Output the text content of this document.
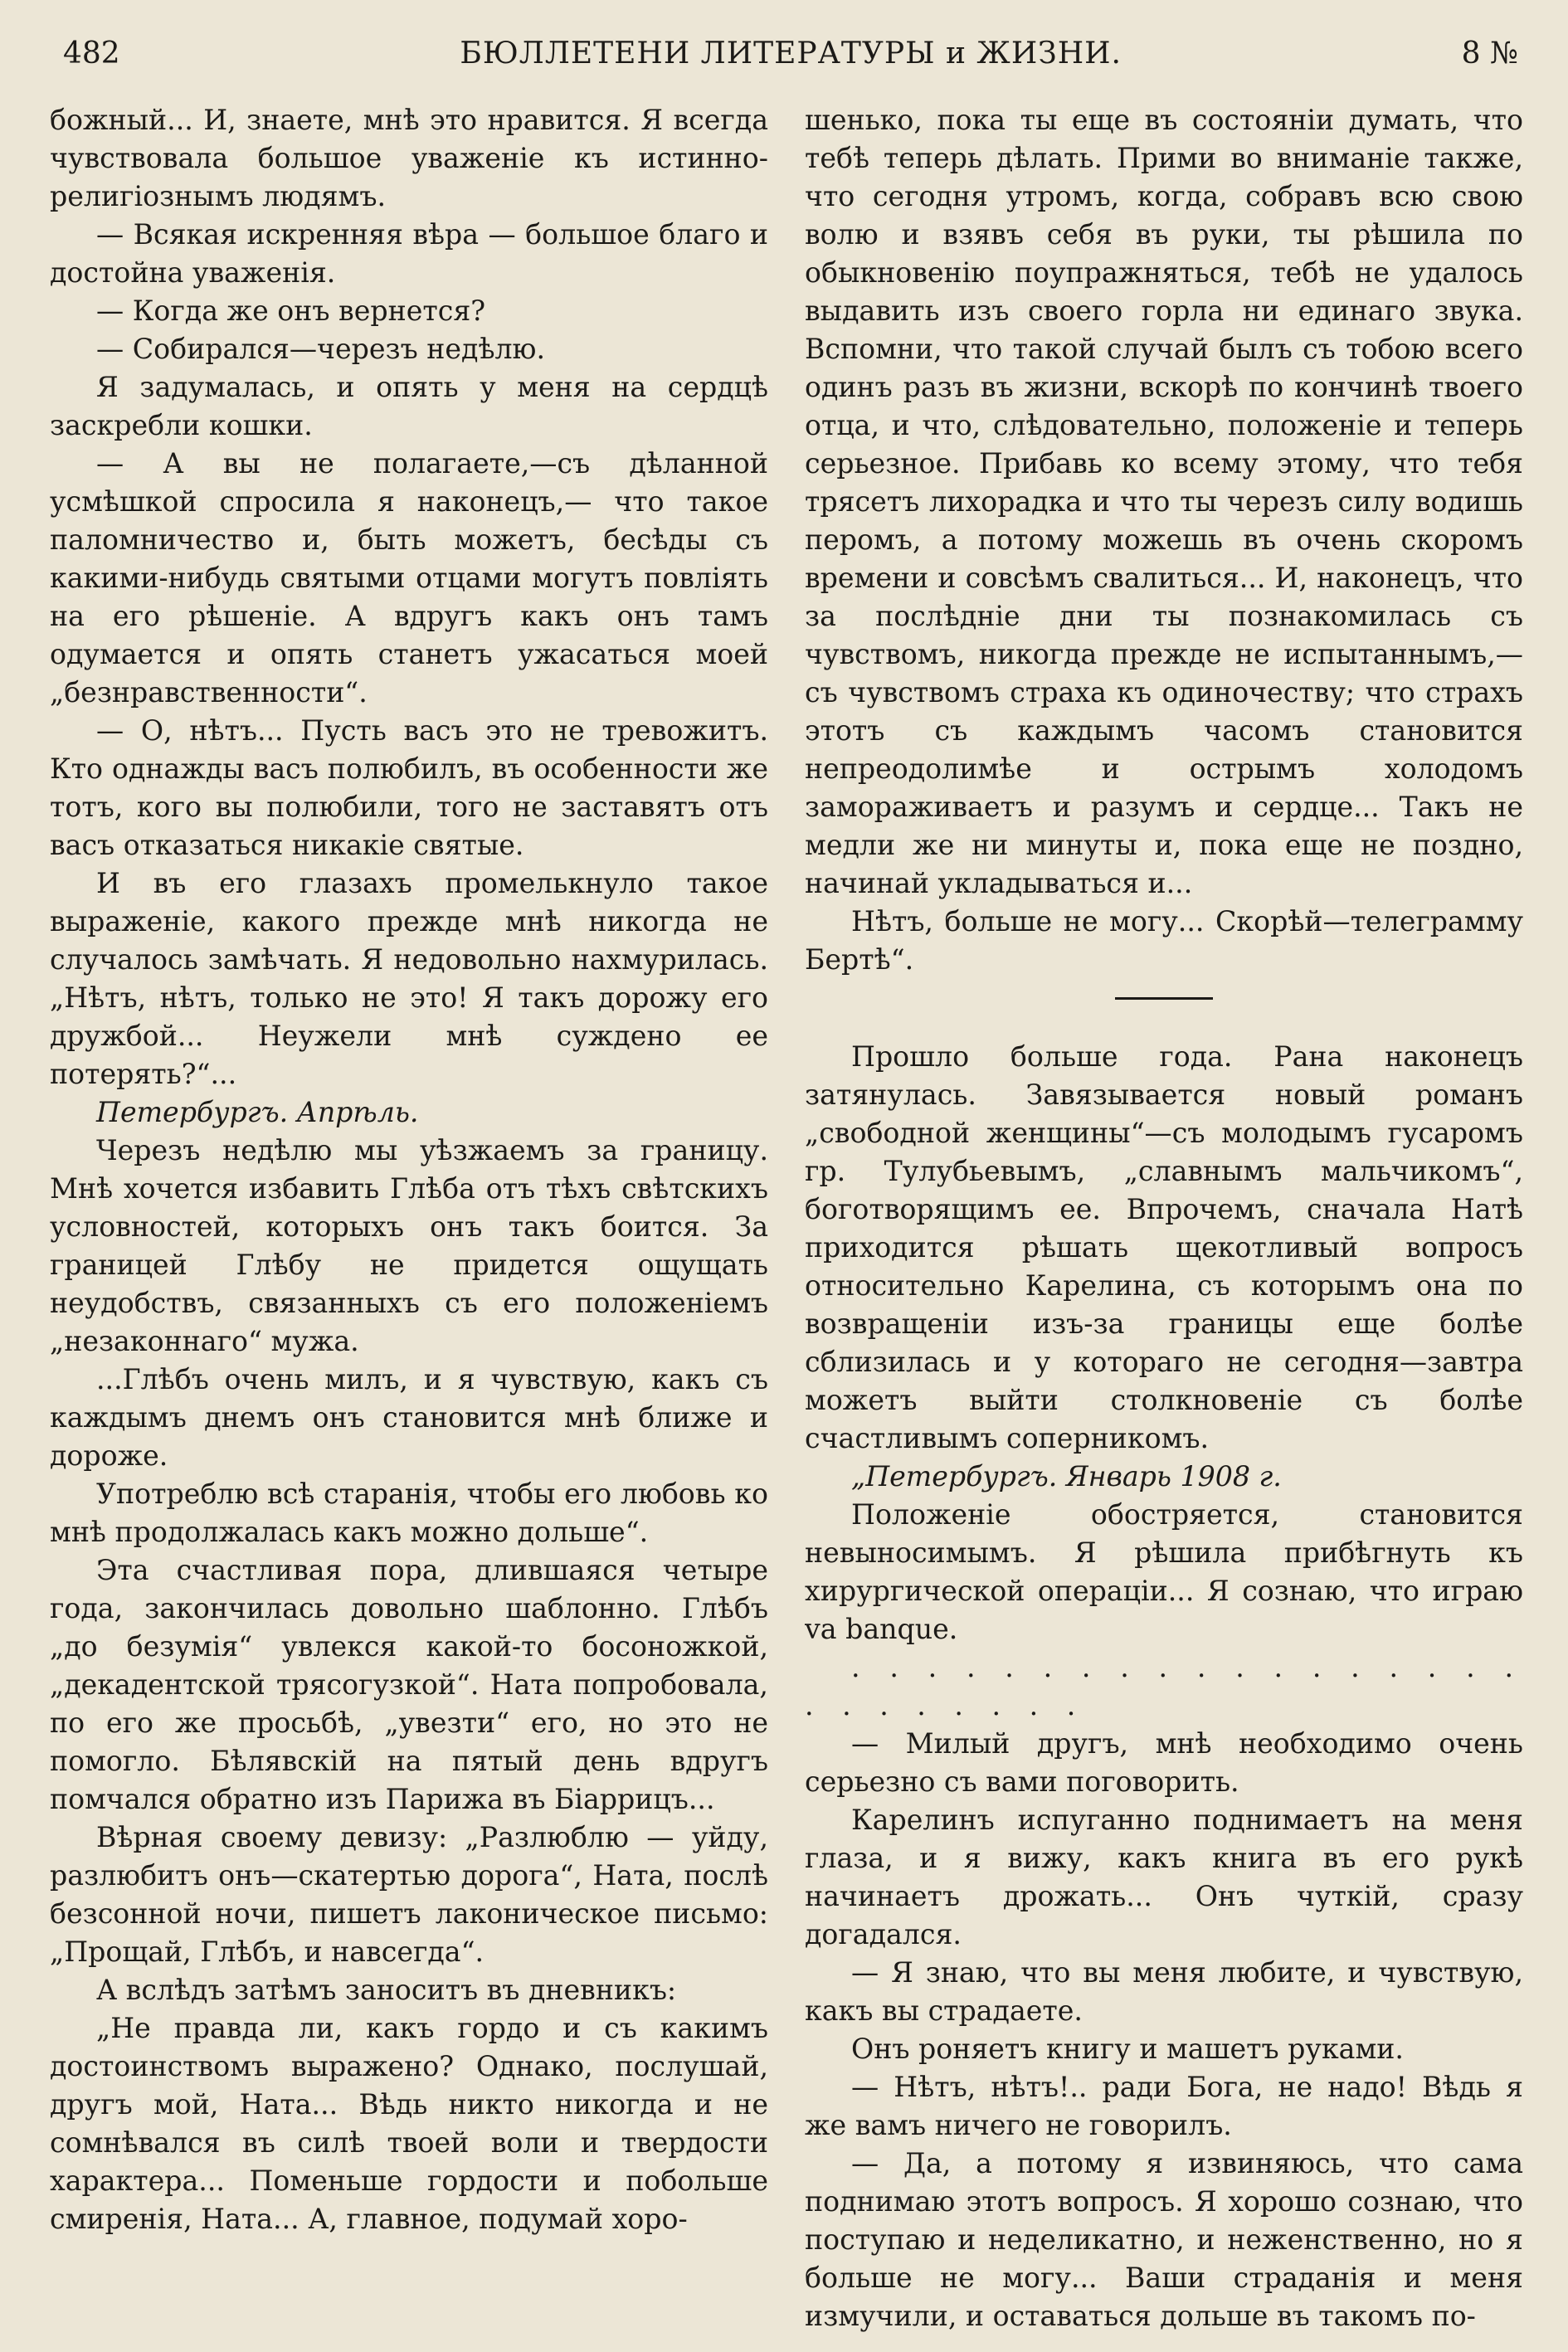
482	БЮЛЛЕТЕНИ ЛИТЕРАТУРЫ и ЖИЗНИ.	8 №

божный... И, знаете, мнѣ это нравится. Я всегда чувствовала большое уваженіе къ истинно-религіознымъ людямъ.

— Всякая искренняя вѣра — большое благо и достойна уваженія.

— Когда же онъ вернется?

— Собирался—черезъ недѣлю.

Я задумалась, и опять у меня на сердцѣ заскребли кошки.

— А вы не полагаете,—съ дѣланной усмѣшкой спросила я наконецъ,— что такое паломничество и, быть можетъ, бесѣды съ какими-нибудь святыми отцами могутъ повліять на его рѣшеніе. А вдругъ какъ онъ тамъ одумается и опять станетъ ужасаться моей „безнравственности“.

— О, нѣтъ... Пусть васъ это не тревожитъ. Кто однажды васъ полюбилъ, въ особенности же тотъ, кого вы полюбили, того не заставятъ отъ васъ отказаться никакіе святые.

И въ его глазахъ промелькнуло такое выраженіе, какого прежде мнѣ никогда не случалось замѣчать. Я недовольно нахмурилась. „Нѣтъ, нѣтъ, только не это! Я такъ дорожу его дружбой... Неужели мнѣ суждено ее потерять?“...

Петербургъ. Апрѣль.

Черезъ недѣлю мы уѣзжаемъ за границу. Мнѣ хочется избавить Глѣба отъ тѣхъ свѣтскихъ условностей, которыхъ онъ такъ боится. За границей Глѣбу не придется ощущать неудобствъ, связанныхъ съ его положеніемъ „незаконнаго“ мужа.

...Глѣбъ очень милъ, и я чувствую, какъ съ каждымъ днемъ онъ становится мнѣ ближе и дороже.

Употреблю всѣ старанія, чтобы его любовь ко мнѣ продолжалась какъ можно дольше“.

Эта счастливая пора, длившаяся четыре года, закончилась довольно шаблонно. Глѣбъ „до безумія“ увлекся какой-то босоножкой, „декадентской трясогузкой“. Ната попробовала, по его же просьбѣ, „увезти“ его, но это не помогло. Бѣлявскій на пятый день вдругъ помчался обратно изъ Парижа въ Біаррицъ...

Вѣрная своему девизу: „Разлюблю — уйду, разлюбитъ онъ—скатертью дорога“, Ната, послѣ безсонной ночи, пишетъ лаконическое письмо: „Прощай, Глѣбъ, и навсегда“.

А вслѣдъ затѣмъ заноситъ въ дневникъ:

„Не правда ли, какъ гордо и съ какимъ достоинствомъ выражено? Однако, послушай, другъ мой, Ната... Вѣдь никто никогда и не сомнѣвался въ силѣ твоей воли и твердости характера... Поменьше гордости и побольше смиренія, Ната... А, главное, подумай хоро-

шенько, пока ты еще въ состояніи думать, что тебѣ теперь дѣлать. Прими во вниманіе также, что сегодня утромъ, когда, собравъ всю свою волю и взявъ себя въ руки, ты рѣшила по обыкновенію поупражняться, тебѣ не удалось выдавить изъ своего горла ни единаго звука. Вспомни, что такой случай былъ съ тобою всего одинъ разъ въ жизни, вскорѣ по кончинѣ твоего отца, и что, слѣдовательно, положеніе и теперь серьезное. Прибавь ко всему этому, что тебя трясетъ лихорадка и что ты черезъ силу водишь перомъ, а потому можешь въ очень скоромъ времени и совсѣмъ свалиться... И, наконецъ, что за послѣдніе дни ты познакомилась съ чувствомъ, никогда прежде не испытаннымъ,—съ чувствомъ страха къ одиночеству; что страхъ этотъ съ каждымъ часомъ становится непреодолимѣе и острымъ холодомъ замораживаетъ и разумъ и сердце... Такъ не медли же ни минуты и, пока еще не поздно, начинай укладываться и...

Нѣтъ, больше не могу... Скорѣй—телеграмму Бертѣ“.

Прошло больше года. Рана наконецъ затянулась. Завязывается новый романъ „свободной женщины“—съ молодымъ гусаромъ гр. Тулубьевымъ, „славнымъ мальчикомъ“, боготворящимъ ее. Впрочемъ, сначала Натѣ приходится рѣшать щекотливый вопросъ относительно Карелина, съ которымъ она по возвращеніи изъ-за границы еще болѣе сблизилась и у котораго не сегодня—завтра можетъ выйти столкновеніе съ болѣе счастливымъ соперникомъ.

„Петербургъ. Январь 1908 г.

Положеніе обостряется, становится невыносимымъ. Я рѣшила прибѣгнуть къ хирургической операціи... Я сознаю, что играю va banque.

. . . . . . . . . . . . . . . . . . . . . . . . . .

— Милый другъ, мнѣ необходимо очень серьезно съ вами поговорить.

Карелинъ испуганно поднимаетъ на меня глаза, и я вижу, какъ книга въ его рукѣ начинаетъ дрожать... Онъ чуткій, сразу догадался.

— Я знаю, что вы меня любите, и чувствую, какъ вы страдаете.

Онъ роняетъ книгу и машетъ руками.

— Нѣтъ, нѣтъ!.. ради Бога, не надо! Вѣдь я же вамъ ничего не говорилъ.

— Да, а потому я извиняюсь, что сама поднимаю этотъ вопросъ. Я хорошо сознаю, что поступаю и неделикатно, и неженственно, но я больше не могу... Ваши страданія и меня измучили, и оставаться дольше въ такомъ по-
